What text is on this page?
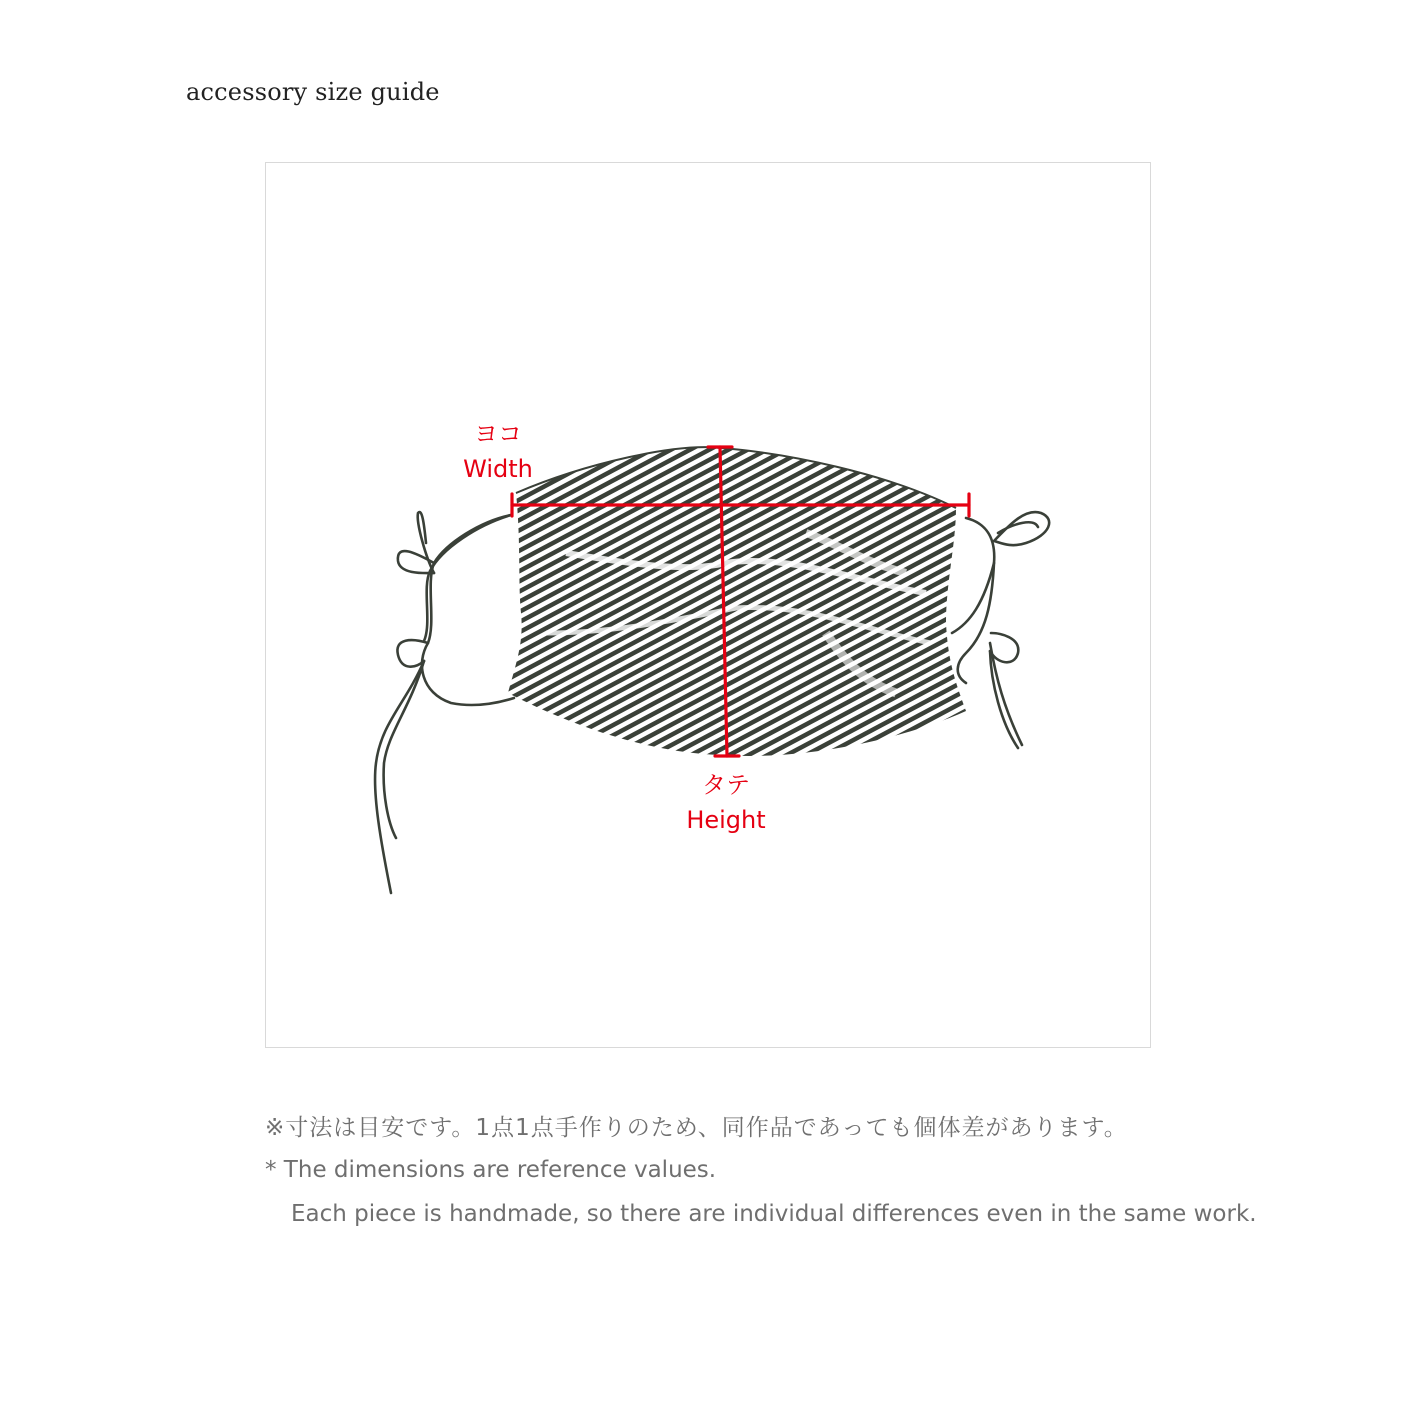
accessory size guide
ヨコ
Width
タテ
Height
※寸法は目安です。1点1点手作りのため、同作品であっても個体差があります。
* The dimensions are reference values.
Each piece is handmade, so there are individual differences even in the same work.
